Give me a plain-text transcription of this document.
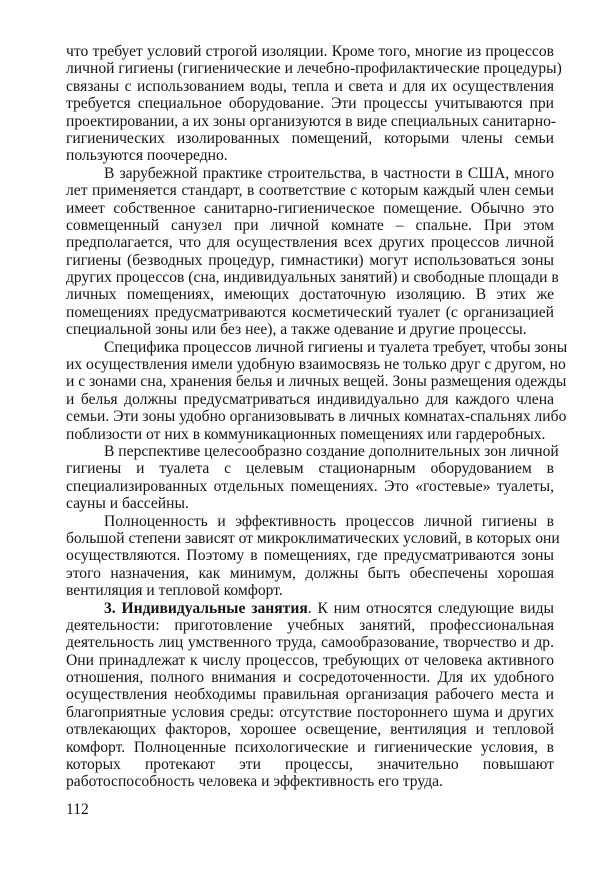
что требует условий строгой изоляции. Кроме того, многие из процессов
личной гигиены (гигиенические и лечебно-профилактические процедуры)
связаны с использованием воды, тепла и света и для их осуществления
требуется специальное оборудование. Эти процессы учитываются при
проектировании, а их зоны организуются в виде специальных санитарно-
гигиенических изолированных помещений, которыми члены семьи
пользуются поочередно.
В зарубежной практике строительства, в частности в США, много
лет применяется стандарт, в соответствие с которым каждый член семьи
имеет собственное санитарно-гигиеническое помещение. Обычно это
совмещенный санузел при личной комнате – спальне. При этом
предполагается, что для осуществления всех других процессов личной
гигиены (безводных процедур, гимнастики) могут использоваться зоны
других процессов (сна, индивидуальных занятий) и свободные площади в
личных помещениях, имеющих достаточную изоляцию. В этих же
помещениях предусматриваются косметический туалет (с организацией
специальной зоны или без нее), а также одевание и другие процессы.
Специфика процессов личной гигиены и туалета требует, чтобы зоны
их осуществления имели удобную взаимосвязь не только друг с другом, но
и с зонами сна, хранения белья и личных вещей. Зоны размещения одежды
и белья должны предусматриваться индивидуально для каждого члена
семьи. Эти зоны удобно организовывать в личных комнатах-спальнях либо
поблизости от них в коммуникационных помещениях или гардеробных.
В перспективе целесообразно создание дополнительных зон личной
гигиены и туалета с целевым стационарным оборудованием в
специализированных отдельных помещениях. Это «гостевые» туалеты,
сауны и бассейны.
Полноценность и эффективность процессов личной гигиены в
большой степени зависят от микроклиматических условий, в которых они
осуществляются. Поэтому в помещениях, где предусматриваются зоны
этого назначения, как минимум, должны быть обеспечены хорошая
вентиляция и тепловой комфорт.
3. Индивидуальные занятия. К ним относятся следующие виды
деятельности: приготовление учебных занятий, профессиональная
деятельность лиц умственного труда, самообразование, творчество и др.
Они принадлежат к числу процессов, требующих от человека активного
отношения, полного внимания и сосредоточенности. Для их удобного
осуществления необходимы правильная организация рабочего места и
благоприятные условия среды: отсутствие постороннего шума и других
отвлекающих факторов, хорошее освещение, вентиляция и тепловой
комфорт. Полноценные психологические и гигиенические условия, в
которых протекают эти процессы, значительно повышают
работоспособность человека и эффективность его труда.
112
